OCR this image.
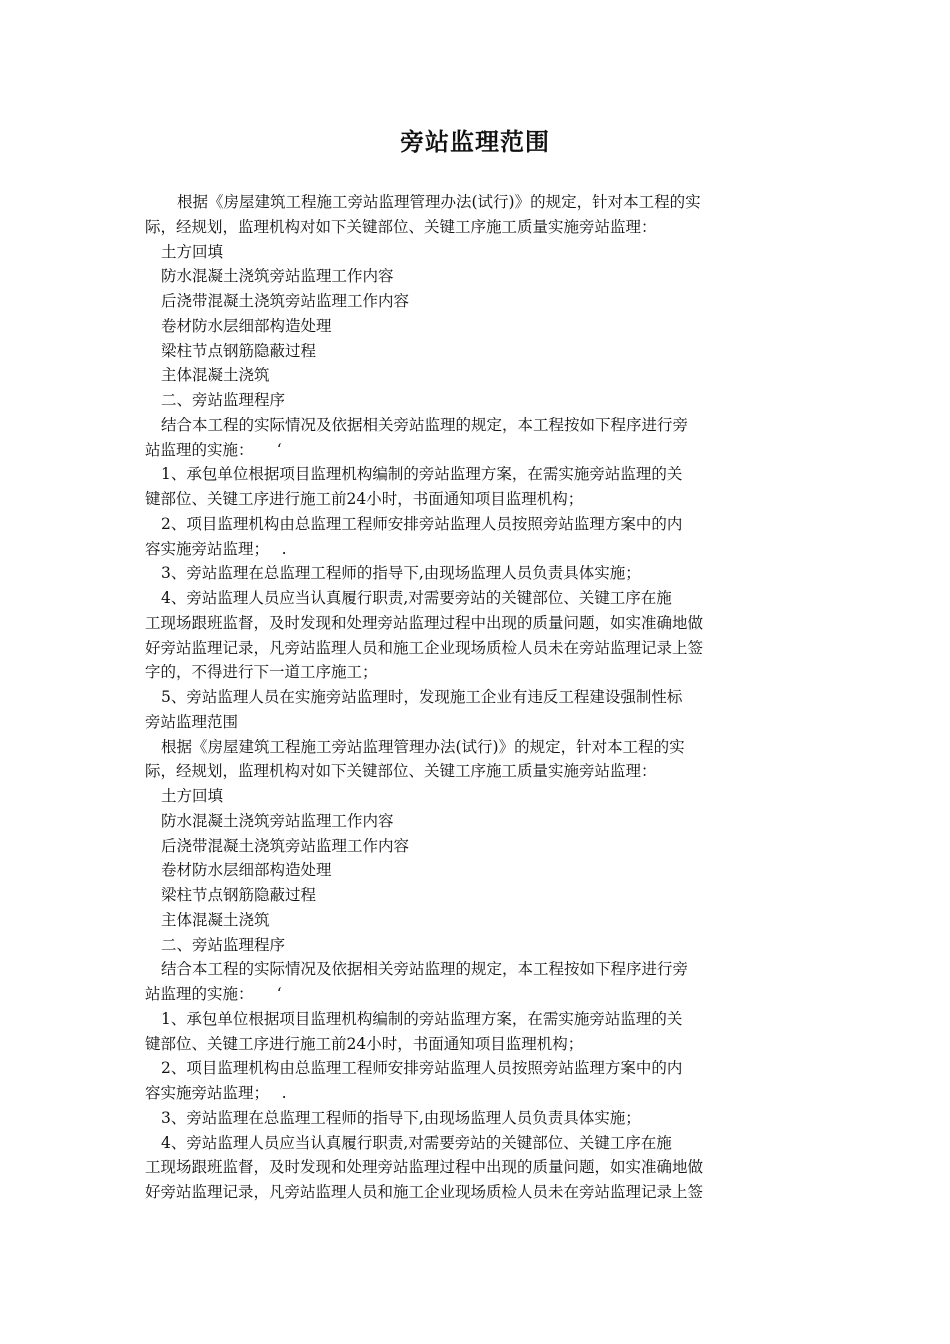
旁站监理范围
根据《房屋建筑工程施工旁站监理管理办法(试行)》的规定，针对本工程的实
际，经规划，监理机构对如下关键部位、关键工序施工质量实施旁站监理：
土方回填
防水混凝土浇筑旁站监理工作内容
后浇带混凝土浇筑旁站监理工作内容
卷材防水层细部构造处理
梁柱节点钢筋隐蔽过程
主体混凝土浇筑
二、旁站监理程序
结合本工程的实际情况及依据相关旁站监理的规定，本工程按如下程序进行旁
站监理的实施：　　‘
1、承包单位根据项目监理机构编制的旁站监理方案，在需实施旁站监理的关
键部位、关键工序进行施工前24小时，书面通知项目监理机构；
2、项目监理机构由总监理工程师安排旁站监理人员按照旁站监理方案中的内
容实施旁站监理；　 .
3、旁站监理在总监理工程师的指导下,由现场监理人员负责具体实施；
4、旁站监理人员应当认真履行职责,对需要旁站的关键部位、关键工序在施
工现场跟班监督，及时发现和处理旁站监理过程中出现的质量问题，如实准确地做
好旁站监理记录，凡旁站监理人员和施工企业现场质检人员未在旁站监理记录上签
字的，不得进行下一道工序施工；
5、旁站监理人员在实施旁站监理时，发现施工企业有违反工程建设强制性标
旁站监理范围
根据《房屋建筑工程施工旁站监理管理办法(试行)》的规定，针对本工程的实
际，经规划，监理机构对如下关键部位、关键工序施工质量实施旁站监理：
土方回填
防水混凝土浇筑旁站监理工作内容
后浇带混凝土浇筑旁站监理工作内容
卷材防水层细部构造处理
梁柱节点钢筋隐蔽过程
主体混凝土浇筑
二、旁站监理程序
结合本工程的实际情况及依据相关旁站监理的规定，本工程按如下程序进行旁
站监理的实施：　　‘
1、承包单位根据项目监理机构编制的旁站监理方案，在需实施旁站监理的关
键部位、关键工序进行施工前24小时，书面通知项目监理机构；
2、项目监理机构由总监理工程师安排旁站监理人员按照旁站监理方案中的内
容实施旁站监理；　 .
3、旁站监理在总监理工程师的指导下,由现场监理人员负责具体实施；
4、旁站监理人员应当认真履行职责,对需要旁站的关键部位、关键工序在施
工现场跟班监督，及时发现和处理旁站监理过程中出现的质量问题，如实准确地做
好旁站监理记录，凡旁站监理人员和施工企业现场质检人员未在旁站监理记录上签
